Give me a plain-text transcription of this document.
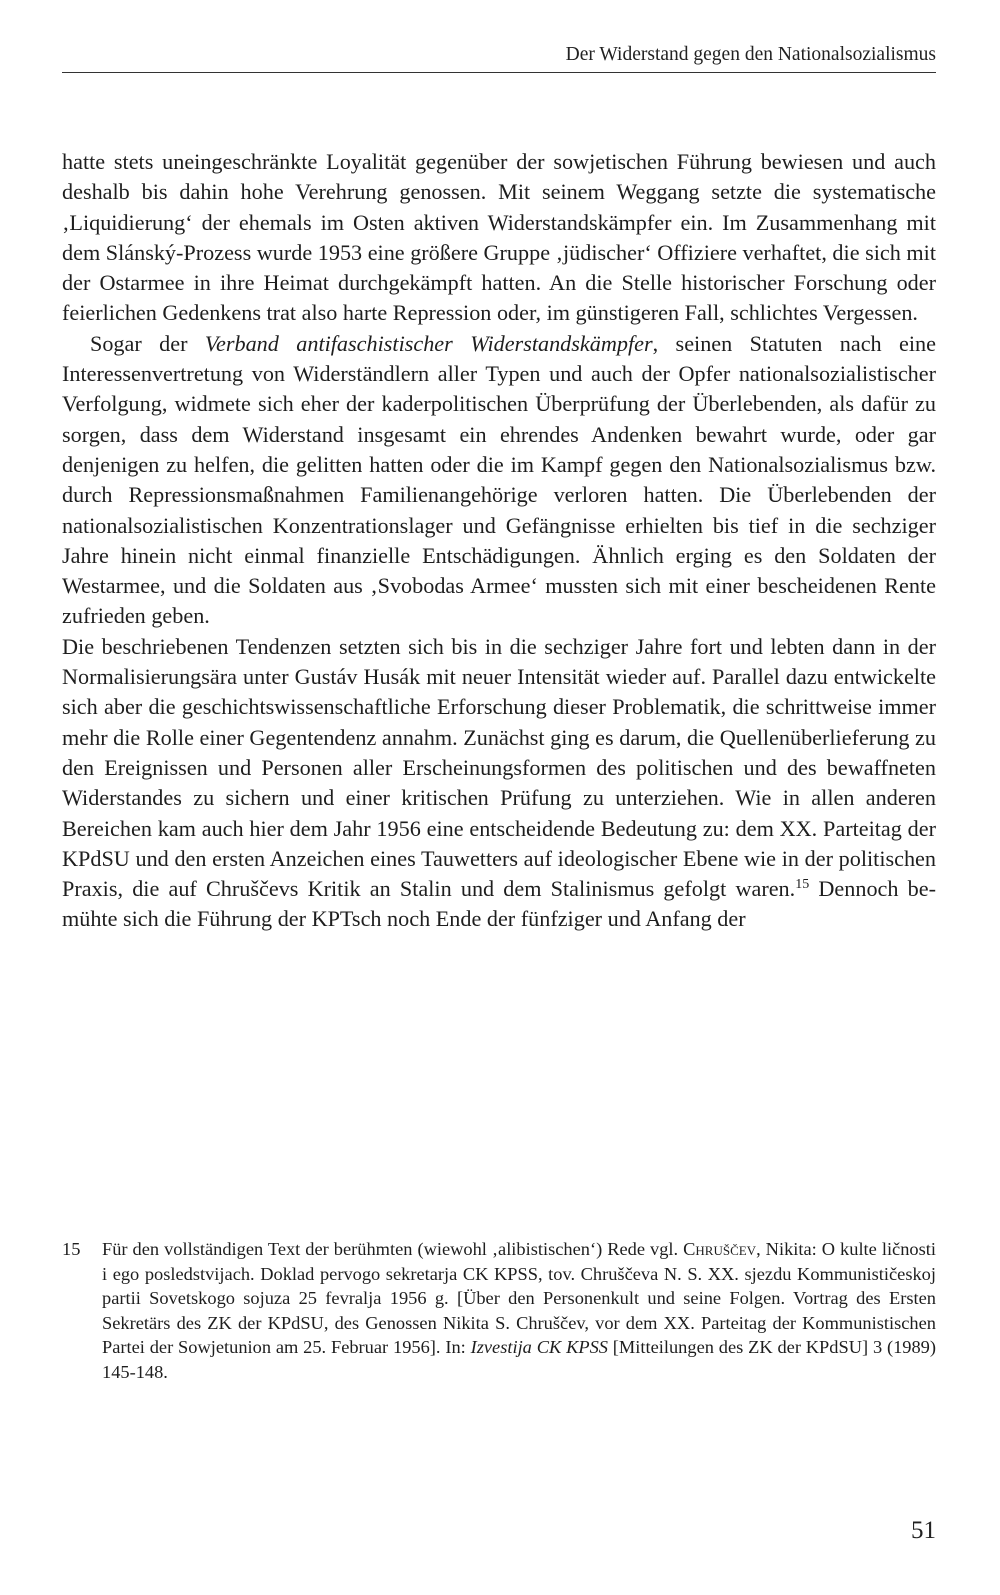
Der Widerstand gegen den Nationalsozialismus

hatte stets uneingeschränkte Loyalität gegenüber der sowjetischen Führung bewiesen und auch deshalb bis dahin hohe Verehrung genossen. Mit seinem Weggang setzte die systematische ‚Liquidierung‘ der ehemals im Osten aktiven Widerstandskämpfer ein. Im Zusammenhang mit dem Slánský-Prozess wurde 1953 eine größere Gruppe ‚jüdischer‘ Offiziere verhaftet, die sich mit der Ostarmee in ihre Heimat durchgekämpft hatten. An die Stelle historischer Forschung oder feierlichen Gedenkens trat also harte Repression oder, im günstigeren Fall, schlichtes Vergessen.

Sogar der Verband antifaschistischer Widerstandskämpfer, seinen Statuten nach eine Interessenvertretung von Widerständlern aller Typen und auch der Opfer nationalsozialistischer Verfolgung, widmete sich eher der kaderpolitischen Überprüfung der Überlebenden, als dafür zu sorgen, dass dem Widerstand insgesamt ein ehrendes Andenken bewahrt wurde, oder gar denjenigen zu helfen, die gelitten hatten oder die im Kampf gegen den Nationalsozialismus bzw. durch Repressionsmaßnahmen Familienangehörige verloren hatten. Die Überlebenden der nationalsozialistischen Konzentrationslager und Gefängnisse erhielten bis tief in die sechziger Jahre hinein nicht einmal finanzielle Entschädigungen. Ähnlich erging es den Soldaten der Westarmee, und die Soldaten aus ‚Svobodas Armee‘ mussten sich mit einer bescheidenen Rente zufrieden geben.

Die beschriebenen Tendenzen setzten sich bis in die sechziger Jahre fort und lebten dann in der Normalisierungsära unter Gustáv Husák mit neuer Intensität wieder auf. Parallel dazu entwickelte sich aber die geschichtswissenschaftliche Erforschung dieser Problematik, die schrittweise immer mehr die Rolle einer Gegentendenz annahm. Zunächst ging es darum, die Quellenüberlieferung zu den Ereignissen und Personen aller Erscheinungsformen des politischen und des bewaffneten Widerstandes zu sichern und einer kritischen Prüfung zu unterziehen. Wie in allen anderen Bereichen kam auch hier dem Jahr 1956 eine entscheidende Bedeutung zu: dem XX. Parteitag der KPdSU und den ersten Anzeichen eines Tauwetters auf ideologischer Ebene wie in der politischen Praxis, die auf Chruščevs Kritik an Stalin und dem Stalinismus gefolgt waren.$^{15}$ Dennoch bemühte sich die Führung der KPTsch noch Ende der fünfziger und Anfang der

15 Für den vollständigen Text der berühmten (wiewohl ‚alibistischen‘) Rede vgl. Chruščev, Nikita: O kulte ličnosti i ego posledstvijach. Doklad pervogo sekretarja CK KPSS, tov. Chruščeva N. S. XX. sjezdu Kommunističeskoj partii Sovetskogo sojuza 25 fevralja 1956 g. [Über den Personenkult und seine Folgen. Vortrag des Ersten Sekretärs des ZK der KPdSU, des Genossen Nikita S. Chruščev, vor dem XX. Parteitag der Kommunistischen Partei der Sowjetunion am 25. Februar 1956]. In: Izvestija CK KPSS [Mitteilungen des ZK der KPdSU] 3 (1989) 145-148.
51
